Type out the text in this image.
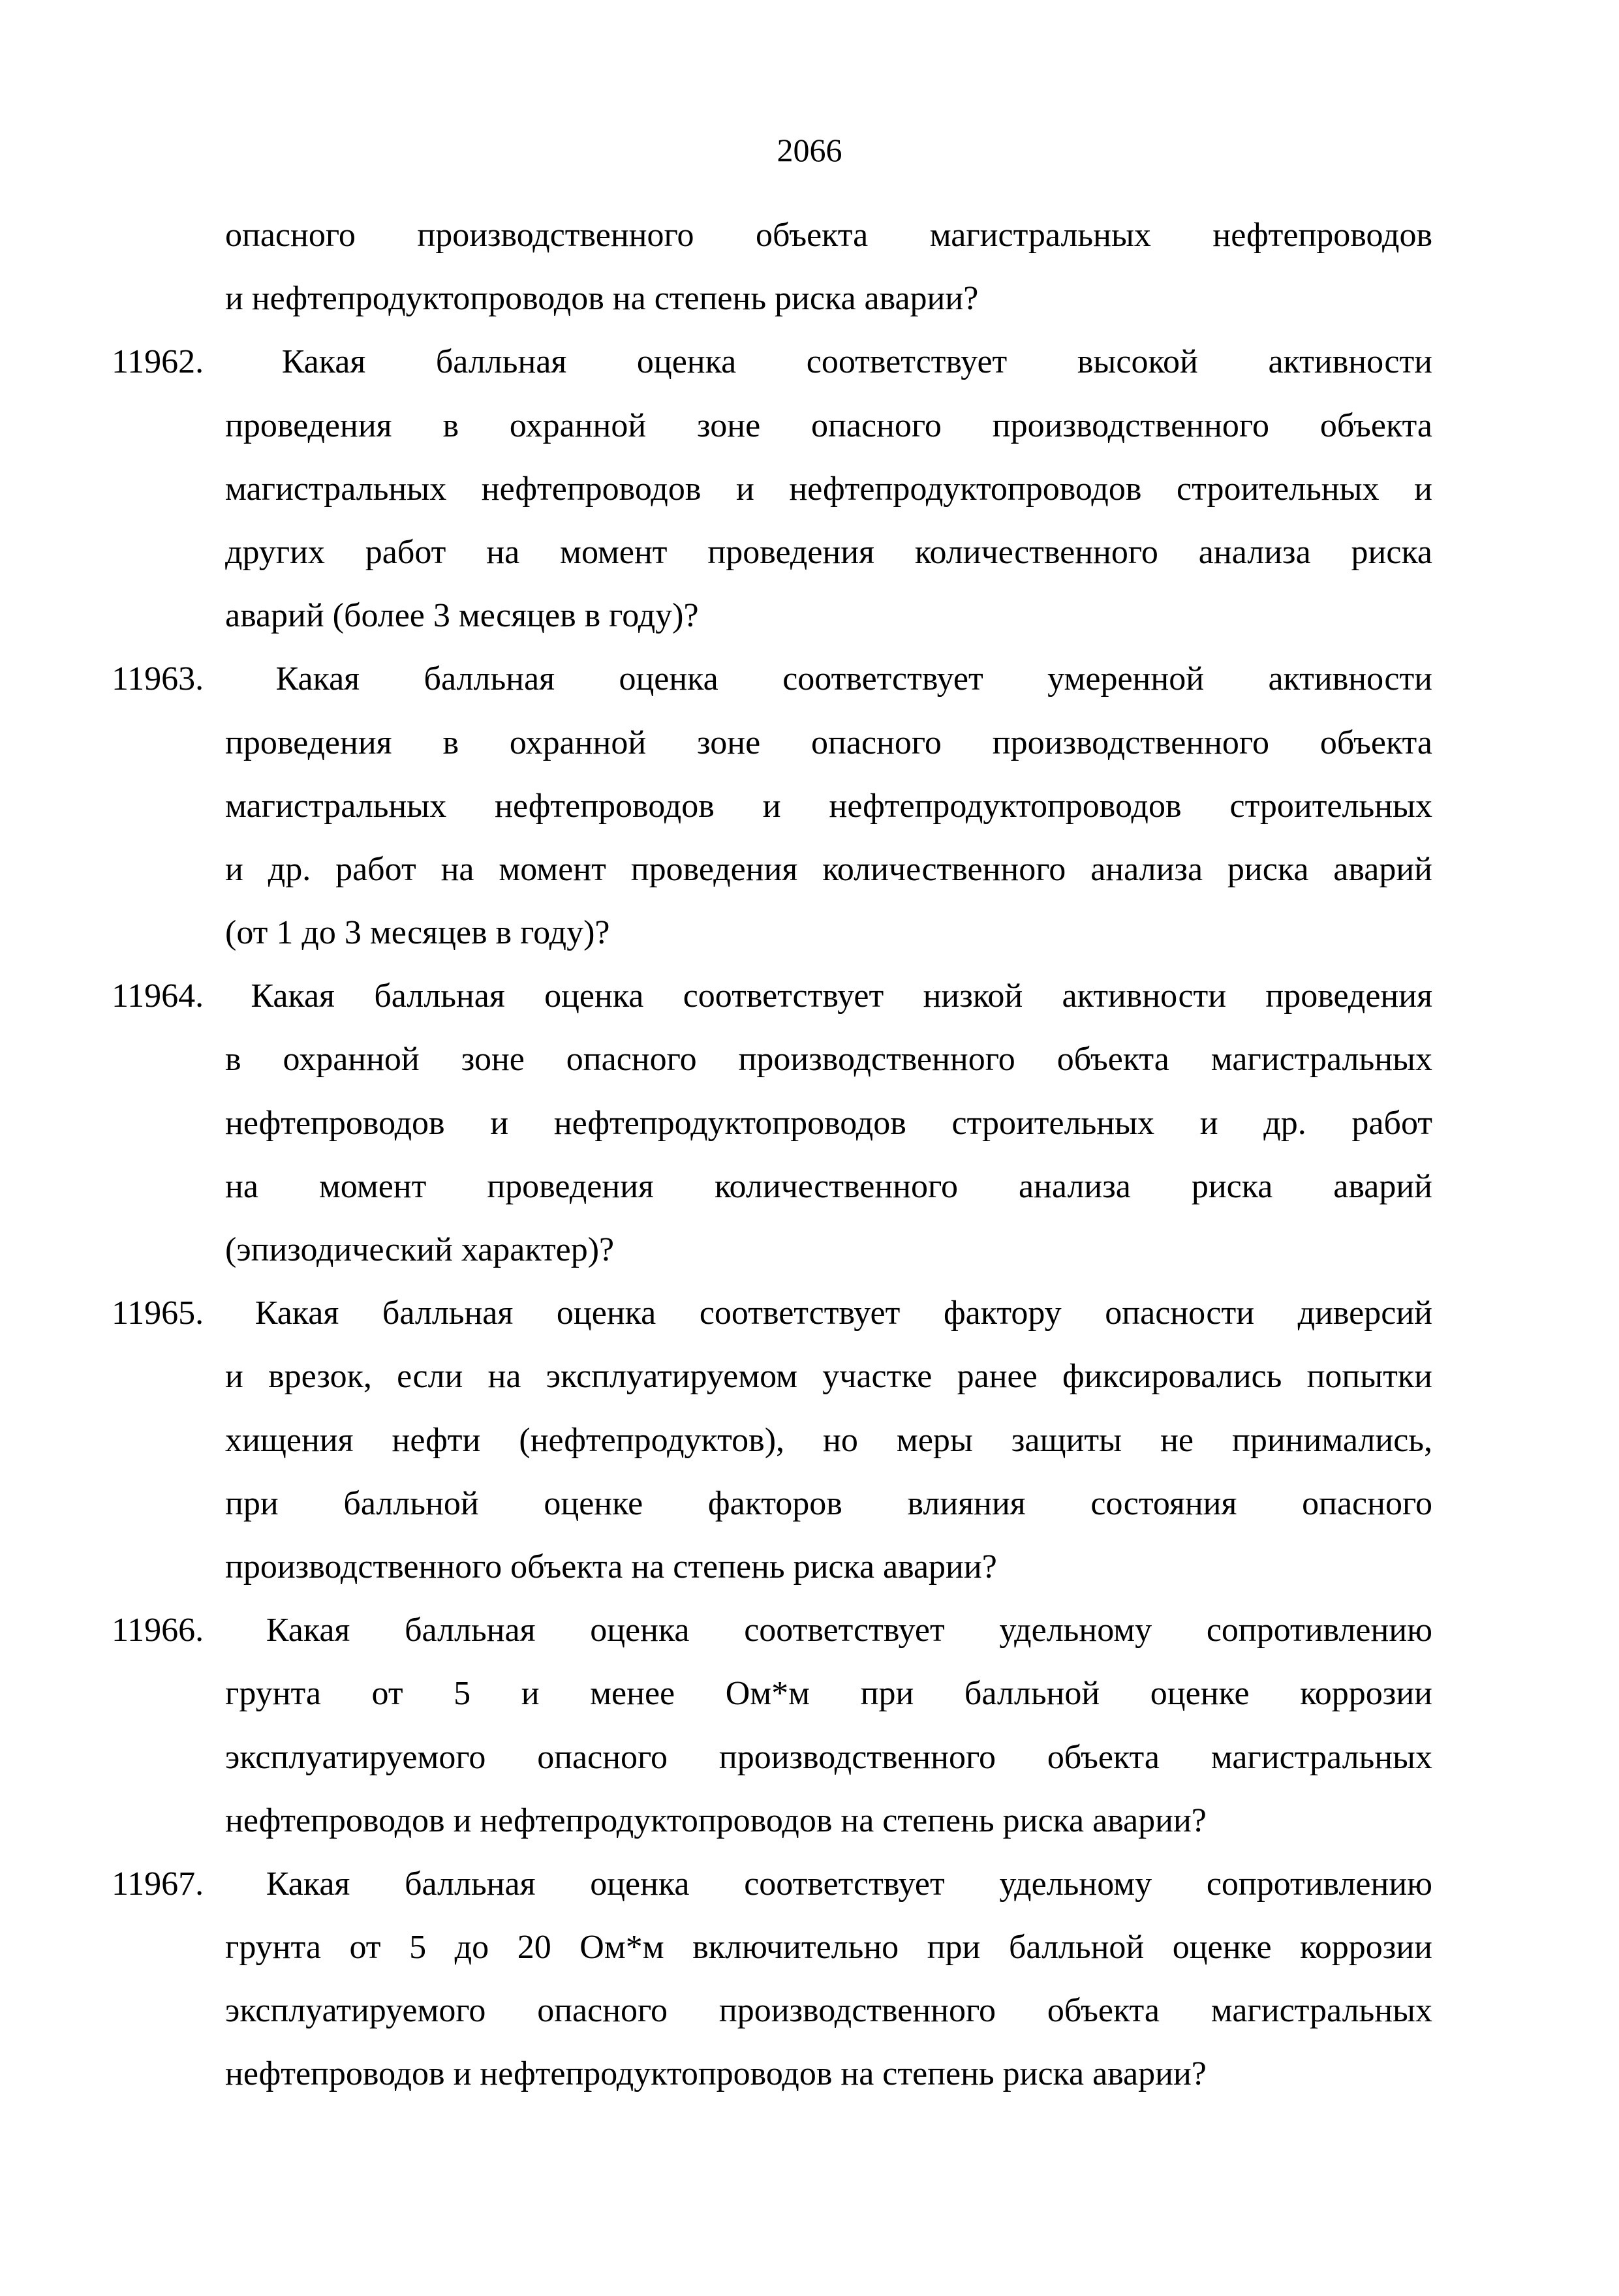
2066
опасного производственного объекта магистральных нефтепроводов
и нефтепродуктопроводов на степень риска аварии?
11962. Какая балльная оценка соответствует высокой активности
проведения в охранной зоне опасного производственного объекта
магистральных нефтепроводов и нефтепродуктопроводов строительных и
других работ на момент проведения количественного анализа риска
аварий (более 3 месяцев в году)?
11963. Какая балльная оценка соответствует умеренной активности
проведения в охранной зоне опасного производственного объекта
магистральных нефтепроводов и нефтепродуктопроводов строительных
и др. работ на момент проведения количественного анализа риска аварий
(от 1 до 3 месяцев в году)?
11964. Какая балльная оценка соответствует низкой активности проведения
в охранной зоне опасного производственного объекта магистральных
нефтепроводов и нефтепродуктопроводов строительных и др. работ
на момент проведения количественного анализа риска аварий
(эпизодический характер)?
11965. Какая балльная оценка соответствует фактору опасности диверсий
и врезок, если на эксплуатируемом участке ранее фиксировались попытки
хищения нефти (нефтепродуктов), но меры защиты не принимались,
при балльной оценке факторов влияния состояния опасного
производственного объекта на степень риска аварии?
11966. Какая балльная оценка соответствует удельному сопротивлению
грунта от 5 и менее Ом*м при балльной оценке коррозии
эксплуатируемого опасного производственного объекта магистральных
нефтепроводов и нефтепродуктопроводов на степень риска аварии?
11967. Какая балльная оценка соответствует удельному сопротивлению
грунта от 5 до 20 Ом*м включительно при балльной оценке коррозии
эксплуатируемого опасного производственного объекта магистральных
нефтепроводов и нефтепродуктопроводов на степень риска аварии?
